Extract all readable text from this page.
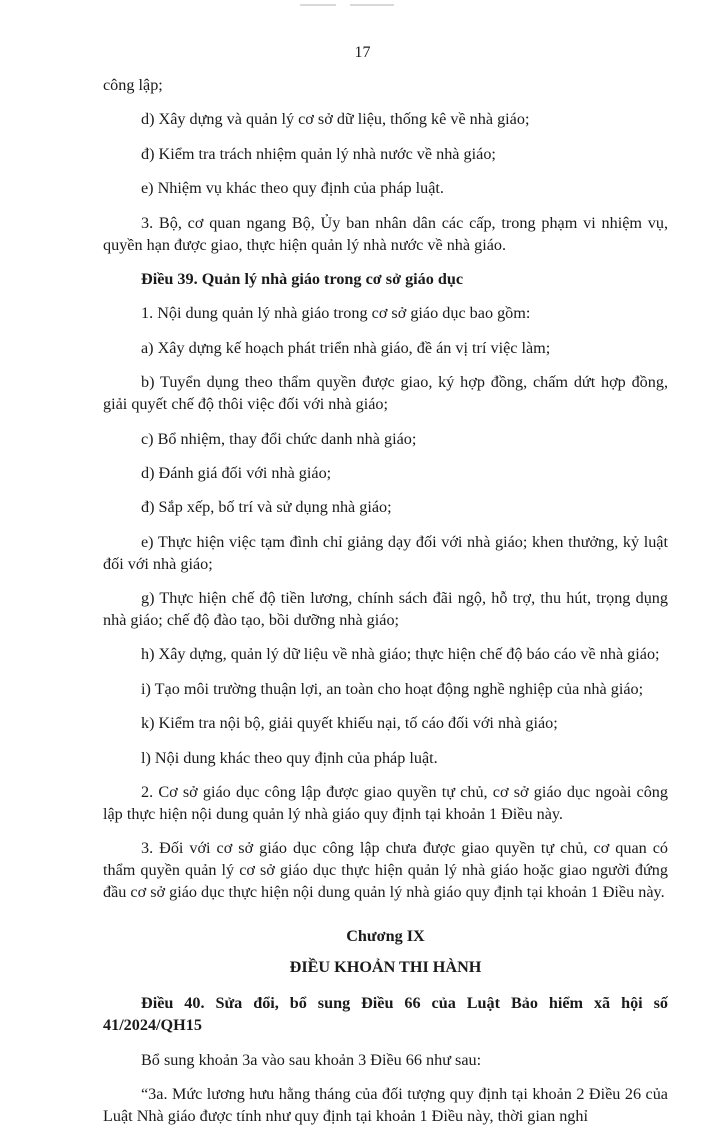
17

công lập;

d) Xây dựng và quản lý cơ sở dữ liệu, thống kê về nhà giáo;

đ) Kiểm tra trách nhiệm quản lý nhà nước về nhà giáo;

e) Nhiệm vụ khác theo quy định của pháp luật.

3. Bộ, cơ quan ngang Bộ, Ủy ban nhân dân các cấp, trong phạm vi nhiệm vụ, quyền hạn được giao, thực hiện quản lý nhà nước về nhà giáo.

Điều 39. Quản lý nhà giáo trong cơ sở giáo dục

1. Nội dung quản lý nhà giáo trong cơ sở giáo dục bao gồm:

a) Xây dựng kế hoạch phát triển nhà giáo, đề án vị trí việc làm;

b) Tuyển dụng theo thẩm quyền được giao, ký hợp đồng, chấm dứt hợp đồng, giải quyết chế độ thôi việc đối với nhà giáo;

c) Bổ nhiệm, thay đổi chức danh nhà giáo;

d) Đánh giá đối với nhà giáo;

đ) Sắp xếp, bố trí và sử dụng nhà giáo;

e) Thực hiện việc tạm đình chỉ giảng dạy đối với nhà giáo; khen thưởng, kỷ luật đối với nhà giáo;

g) Thực hiện chế độ tiền lương, chính sách đãi ngộ, hỗ trợ, thu hút, trọng dụng nhà giáo; chế độ đào tạo, bồi dưỡng nhà giáo;

h) Xây dựng, quản lý dữ liệu về nhà giáo; thực hiện chế độ báo cáo về nhà giáo;

i) Tạo môi trường thuận lợi, an toàn cho hoạt động nghề nghiệp của nhà giáo;

k) Kiểm tra nội bộ, giải quyết khiếu nại, tố cáo đối với nhà giáo;

l) Nội dung khác theo quy định của pháp luật.

2. Cơ sở giáo dục công lập được giao quyền tự chủ, cơ sở giáo dục ngoài công lập thực hiện nội dung quản lý nhà giáo quy định tại khoản 1 Điều này.

3. Đối với cơ sở giáo dục công lập chưa được giao quyền tự chủ, cơ quan có thẩm quyền quản lý cơ sở giáo dục thực hiện quản lý nhà giáo hoặc giao người đứng đầu cơ sở giáo dục thực hiện nội dung quản lý nhà giáo quy định tại khoản 1 Điều này.

Chương IX

ĐIỀU KHOẢN THI HÀNH

Điều 40. Sửa đổi, bổ sung Điều 66 của Luật Bảo hiểm xã hội số 41/2024/QH15

Bổ sung khoản 3a vào sau khoản 3 Điều 66 như sau:

“3a. Mức lương hưu hằng tháng của đối tượng quy định tại khoản 2 Điều 26 của Luật Nhà giáo được tính như quy định tại khoản 1 Điều này, thời gian nghỉ
